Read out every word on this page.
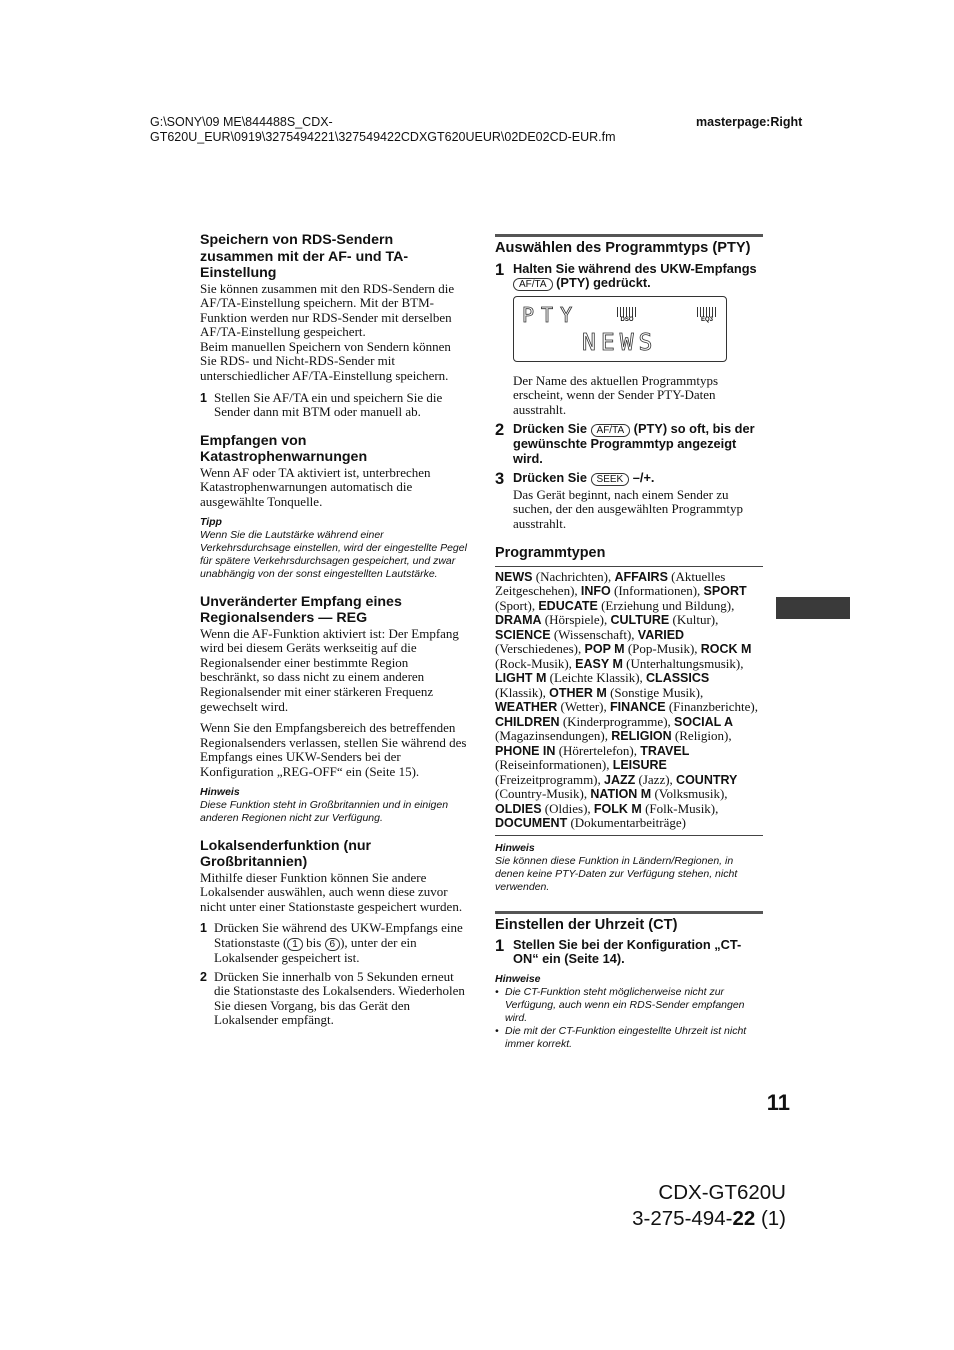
G:\SONY\09 ME\844488S_CDX-
GT620U_EUR\0919\3275494221\327549422CDXGT620UEUR\02DE02CD-EUR.fm
masterpage:Right
Speichern von RDS-Sendern zusammen mit der AF- und TA-Einstellung

Sie können zusammen mit den RDS-Sendern die AF/TA-Einstellung speichern. Mit der BTM-Funktion werden nur RDS-Sender mit derselben AF/TA-Einstellung gespeichert.

Beim manuellen Speichern von Sendern können Sie RDS- und Nicht-RDS-Sender mit unterschiedlicher AF/TA-Einstellung speichern.

1 Stellen Sie AF/TA ein und speichern Sie die Sender dann mit BTM oder manuell ab.
Empfangen von Katastrophenwarnungen

Wenn AF oder TA aktiviert ist, unterbrechen Katastrophenwarnungen automatisch die ausgewählte Tonquelle.

Tipp

Wenn Sie die Lautstärke während einer Verkehrsdurchsage einstellen, wird der eingestellte Pegel für spätere Verkehrsdurchsagen gespeichert, und zwar unabhängig von der sonst eingestellten Lautstärke.

Unveränderter Empfang eines Regionalsenders — REG

Wenn die AF-Funktion aktiviert ist: Der Empfang wird bei diesem Geräts werkseitig auf die Regionalsender einer bestimmte Region beschränkt, so dass nicht zu einem anderen Regionalsender mit einer stärkeren Frequenz gewechselt wird.

Wenn Sie den Empfangsbereich des betreffenden Regionalsenders verlassen, stellen Sie während des Empfangs eines UKW-Senders bei der Konfiguration „REG-OFF“ ein (Seite 15).

Hinweis

Diese Funktion steht in Großbritannien und in einigen anderen Regionen nicht zur Verfügung.

Lokalsenderfunktion (nur Großbritannien)

Mithilfe dieser Funktion können Sie andere Lokalsender auswählen, auch wenn diese zuvor nicht unter einer Stationstaste gespeichert wurden.

1 Drücken Sie während des UKW-Empfangs eine Stationstaste ( 1 bis 6 ), unter der ein Lokalsender gespeichert ist.
2 Drücken Sie innerhalb von 5 Sekunden erneut die Stationstaste des Lokalsenders. Wiederholen Sie diesen Vorgang, bis das Gerät den Lokalsender empfängt.
Auswählen des Programmtyps (PTY)
1 Halten Sie während des UKW-Empfangs AF/TA (PTY) gedrückt.
PTY	DSO	EQ3
NEWS

Der Name des aktuellen Programmtyps erscheint, wenn der Sender PTY-Daten ausstrahlt.

2 Drücken Sie AF/TA (PTY) so oft, bis der gewünschte Programmtyp angezeigt wird.
3 Drücken Sie SEEK –/+.

Das Gerät beginnt, nach einem Sender zu suchen, der den ausgewählten Programmtyp ausstrahlt.

Programmtypen

NEWS (Nachrichten), AFFAIRS (Aktuelles Zeitgeschehen), INFO (Informationen), SPORT (Sport), EDUCATE (Erziehung und Bildung), DRAMA (Hörspiele), CULTURE (Kultur), SCIENCE (Wissenschaft), VARIED (Verschiedenes), POP M (Pop-Musik), ROCK M (Rock-Musik), EASY M (Unterhaltungsmusik), LIGHT M (Leichte Klassik), CLASSICS (Klassik), OTHER M (Sonstige Musik), WEATHER (Wetter), FINANCE (Finanzberichte), CHILDREN (Kinderprogramme), SOCIAL A (Magazinsendungen), RELIGION (Religion), PHONE IN (Hörertelefon), TRAVEL (Reiseinformationen), LEISURE (Freizeitprogramm), JAZZ (Jazz), COUNTRY (Country-Musik), NATION M (Volksmusik), OLDIES (Oldies), FOLK M (Folk-Musik), DOCUMENT (Dokumentarbeiträge)

Hinweis

Sie können diese Funktion in Ländern/Regionen, in denen keine PTY-Daten zur Verfügung stehen, nicht verwenden.

Einstellen der Uhrzeit (CT)
1 Stellen Sie bei der Konfiguration „CT-ON“ ein (Seite 14).

Hinweise

• Die CT-Funktion steht möglicherweise nicht zur Verfügung, auch wenn ein RDS-Sender empfangen wird.
• Die mit der CT-Funktion eingestellte Uhrzeit ist nicht immer korrekt.
11
CDX-GT620U
3-275-494-22 (1)
